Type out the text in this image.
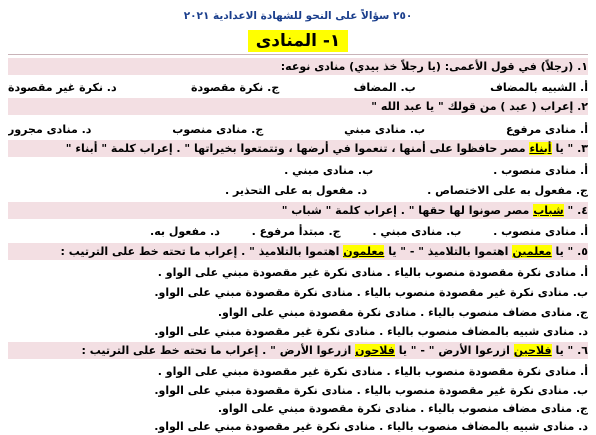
٢٥٠ سؤالاً على النحو للشهادة الاعدادية ٢٠٢١
١- المنادى
١. (رجلاً) في قول الأعمى: (يا رجلاً خذ بيدي) منادى نوعه:
أ. الشبيه بالمضاف
ب. المضاف
ج. نكرة مقصودة
د. نكرة غير مقصودة
٢. إعراب ( عبد ) من قولك " يا عبد الله "
أ. منادى مرفوع
ب. منادى مبني
ج. منادى منصوب
د. منادى مجرور
٣. " يا أبناء مصر حافظوا على أمنها ، تنعموا في أرضها ، وتتمتعوا بخيراتها " . إعراب كلمة " أبناء "
أ. منادى منصوب .
ب. منادى مبني .
ج. مفعول به على الاختصاص .
د. مفعول به على التحذير .
٤. " شباب مصر صونوا لها حقها " . إعراب كلمة " شباب "
أ. منادى منصوب .
ب. منادى مبني .
ج. مبتدأ مرفوع .
د. مفعول به.
٥. " يا معلمين اهتموا بالتلاميذ " - " يا معلمون اهتموا بالتلاميذ " . إعراب ما تحته خط على الترتيب :
أ. منادى نكرة مقصودة منصوب بالياء . منادى نكرة غير مقصودة مبني على الواو .
ب. منادى نكرة غير مقصودة منصوب بالياء . منادى نكرة مقصودة مبني على الواو.
ج. منادى مضاف منصوب بالياء . منادى نكرة مقصودة مبني على الواو.
د. منادى شبيه بالمضاف منصوب بالياء . منادى نكرة غير مقصودة مبني على الواو.
٦. " يا فلاحين ازرعوا الأرض " - " يا فلاحون ازرعوا الأرض " . إعراب ما تحته خط على الترتيب :
أ. منادى نكرة مقصودة منصوب بالياء . منادى نكرة غير مقصودة مبني على الواو .
ب. منادى نكرة غير مقصودة منصوب بالياء . منادى نكرة مقصودة مبني على الواو.
ج. منادى مضاف منصوب بالياء . منادى نكرة مقصودة مبني على الواو.
د. منادى شبيه بالمضاف منصوب بالياء . منادى نكرة غير مقصودة مبني على الواو.
